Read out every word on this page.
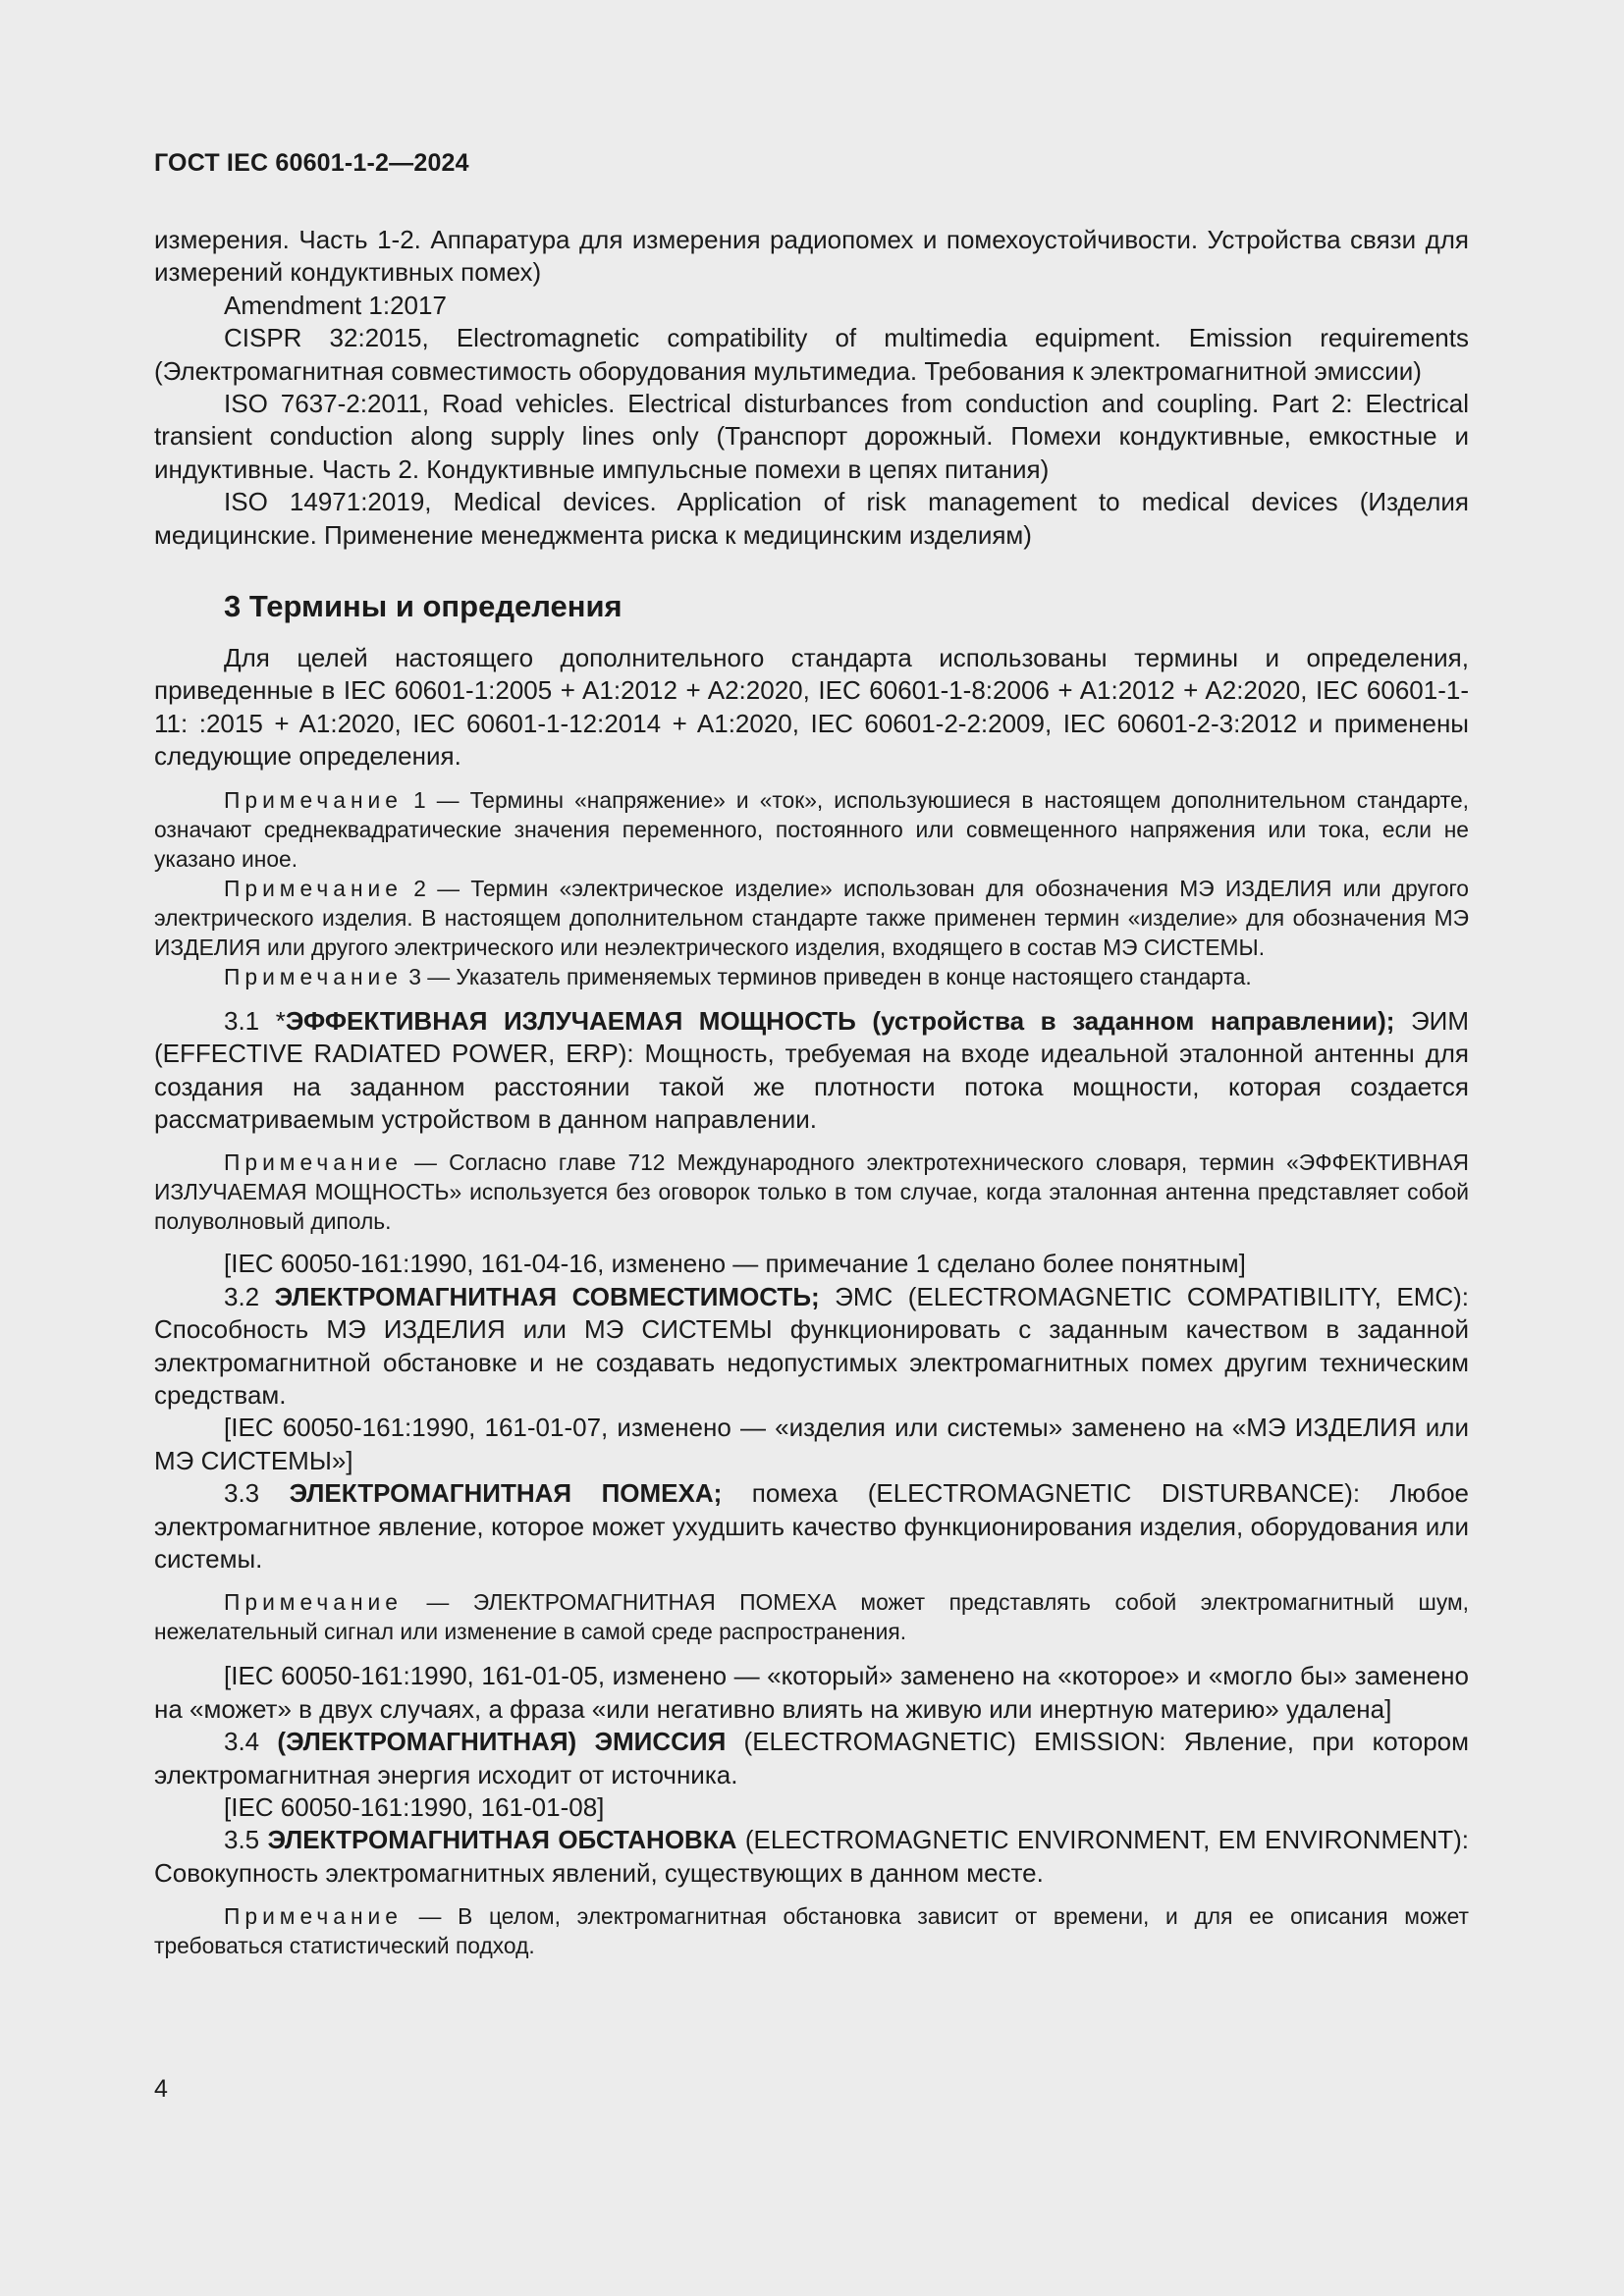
ГОСТ IEC 60601-1-2—2024

измерения. Часть 1-2. Аппаратура для измерения радиопомех и помехоустойчивости. Устройства связи для измерений кондуктивных помех)

Amendment 1:2017

CISPR 32:2015, Electromagnetic compatibility of multimedia equipment. Emission requirements (Электромагнитная совместимость оборудования мультимедиа. Требования к электромагнитной эмиссии)

ISO 7637-2:2011, Road vehicles. Electrical disturbances from conduction and coupling. Part 2: Electrical transient conduction along supply lines only (Транспорт дорожный. Помехи кондуктивные, емкостные и индуктивные. Часть 2. Кондуктивные импульсные помехи в цепях питания)

ISO 14971:2019, Medical devices. Application of risk management to medical devices (Изделия медицинские. Применение менеджмента риска к медицинским изделиям)

3 Термины и определения

Для целей настоящего дополнительного стандарта использованы термины и определения, приведенные в IEC 60601-1:2005 + A1:2012 + A2:2020, IEC 60601-1-8:2006 + A1:2012 + A2:2020, IEC 60601-1-11: :2015 + A1:2020, IEC 60601-1-12:2014 + A1:2020, IEC 60601-2-2:2009, IEC 60601-2-3:2012 и применены следующие определения.

Примечание 1 — Термины «напряжение» и «ток», используюшиеся в настоящем дополнительном стандарте, означают среднеквадратические значения переменного, постоянного или совмещенного напряжения или тока, если не указано иное.

Примечание 2 — Термин «электрическое изделие» использован для обозначения МЭ ИЗДЕЛИЯ или другого электрического изделия. В настоящем дополнительном стандарте также применен термин «изделие» для обозначения МЭ ИЗДЕЛИЯ или другого электрического или неэлектрического изделия, входящего в состав МЭ СИСТЕМЫ.

Примечание 3 — Указатель применяемых терминов приведен в конце настоящего стандарта.

3.1 *ЭФФЕКТИВНАЯ ИЗЛУЧАЕМАЯ МОЩНОСТЬ (устройства в заданном направлении); ЭИМ (EFFECTIVE RADIATED POWER, ERP): Мощность, требуемая на входе идеальной эталонной антенны для создания на заданном расстоянии такой же плотности потока мощности, которая создается рассматриваемым устройством в данном направлении.

Примечание — Согласно главе 712 Международного электротехнического словаря, термин «ЭФФЕКТИВНАЯ ИЗЛУЧАЕМАЯ МОЩНОСТЬ» используется без оговорок только в том случае, когда эталонная антенна представляет собой полуволновый диполь.

[IEC 60050-161:1990, 161-04-16, изменено — примечание 1 сделано более понятным]

3.2 ЭЛЕКТРОМАГНИТНАЯ СОВМЕСТИМОСТЬ; ЭМС (ELECTROMAGNETIC COMPATIBILITY, EMC): Способность МЭ ИЗДЕЛИЯ или МЭ СИСТЕМЫ функционировать с заданным качеством в заданной электромагнитной обстановке и не создавать недопустимых электромагнитных помех другим техническим средствам.

[IEC 60050-161:1990, 161-01-07, изменено — «изделия или системы» заменено на «МЭ ИЗДЕЛИЯ или МЭ СИСТЕМЫ»]

3.3 ЭЛЕКТРОМАГНИТНАЯ ПОМЕХА; помеха (ELECTROMAGNETIC DISTURBANCE): Любое электромагнитное явление, которое может ухудшить качество функционирования изделия, оборудования или системы.

Примечание — ЭЛЕКТРОМАГНИТНАЯ ПОМЕХА может представлять собой электромагнитный шум, нежелательный сигнал или изменение в самой среде распространения.

[IEC 60050-161:1990, 161-01-05, изменено — «который» заменено на «которое» и «могло бы» заменено на «может» в двух случаях, а фраза «или негативно влиять на живую или инертную материю» удалена]

3.4 (ЭЛЕКТРОМАГНИТНАЯ) ЭМИССИЯ (ELECTROMAGNETIC) EMISSION: Явление, при котором электромагнитная энергия исходит от источника.

[IEC 60050-161:1990, 161-01-08]

3.5 ЭЛЕКТРОМАГНИТНАЯ ОБСТАНОВКА (ELECTROMAGNETIC ENVIRONMENT, EM ENVIRONMENT): Совокупность электромагнитных явлений, существующих в данном месте.

Примечание — В целом, электромагнитная обстановка зависит от времени, и для ее описания может требоваться статистический подход.

4
